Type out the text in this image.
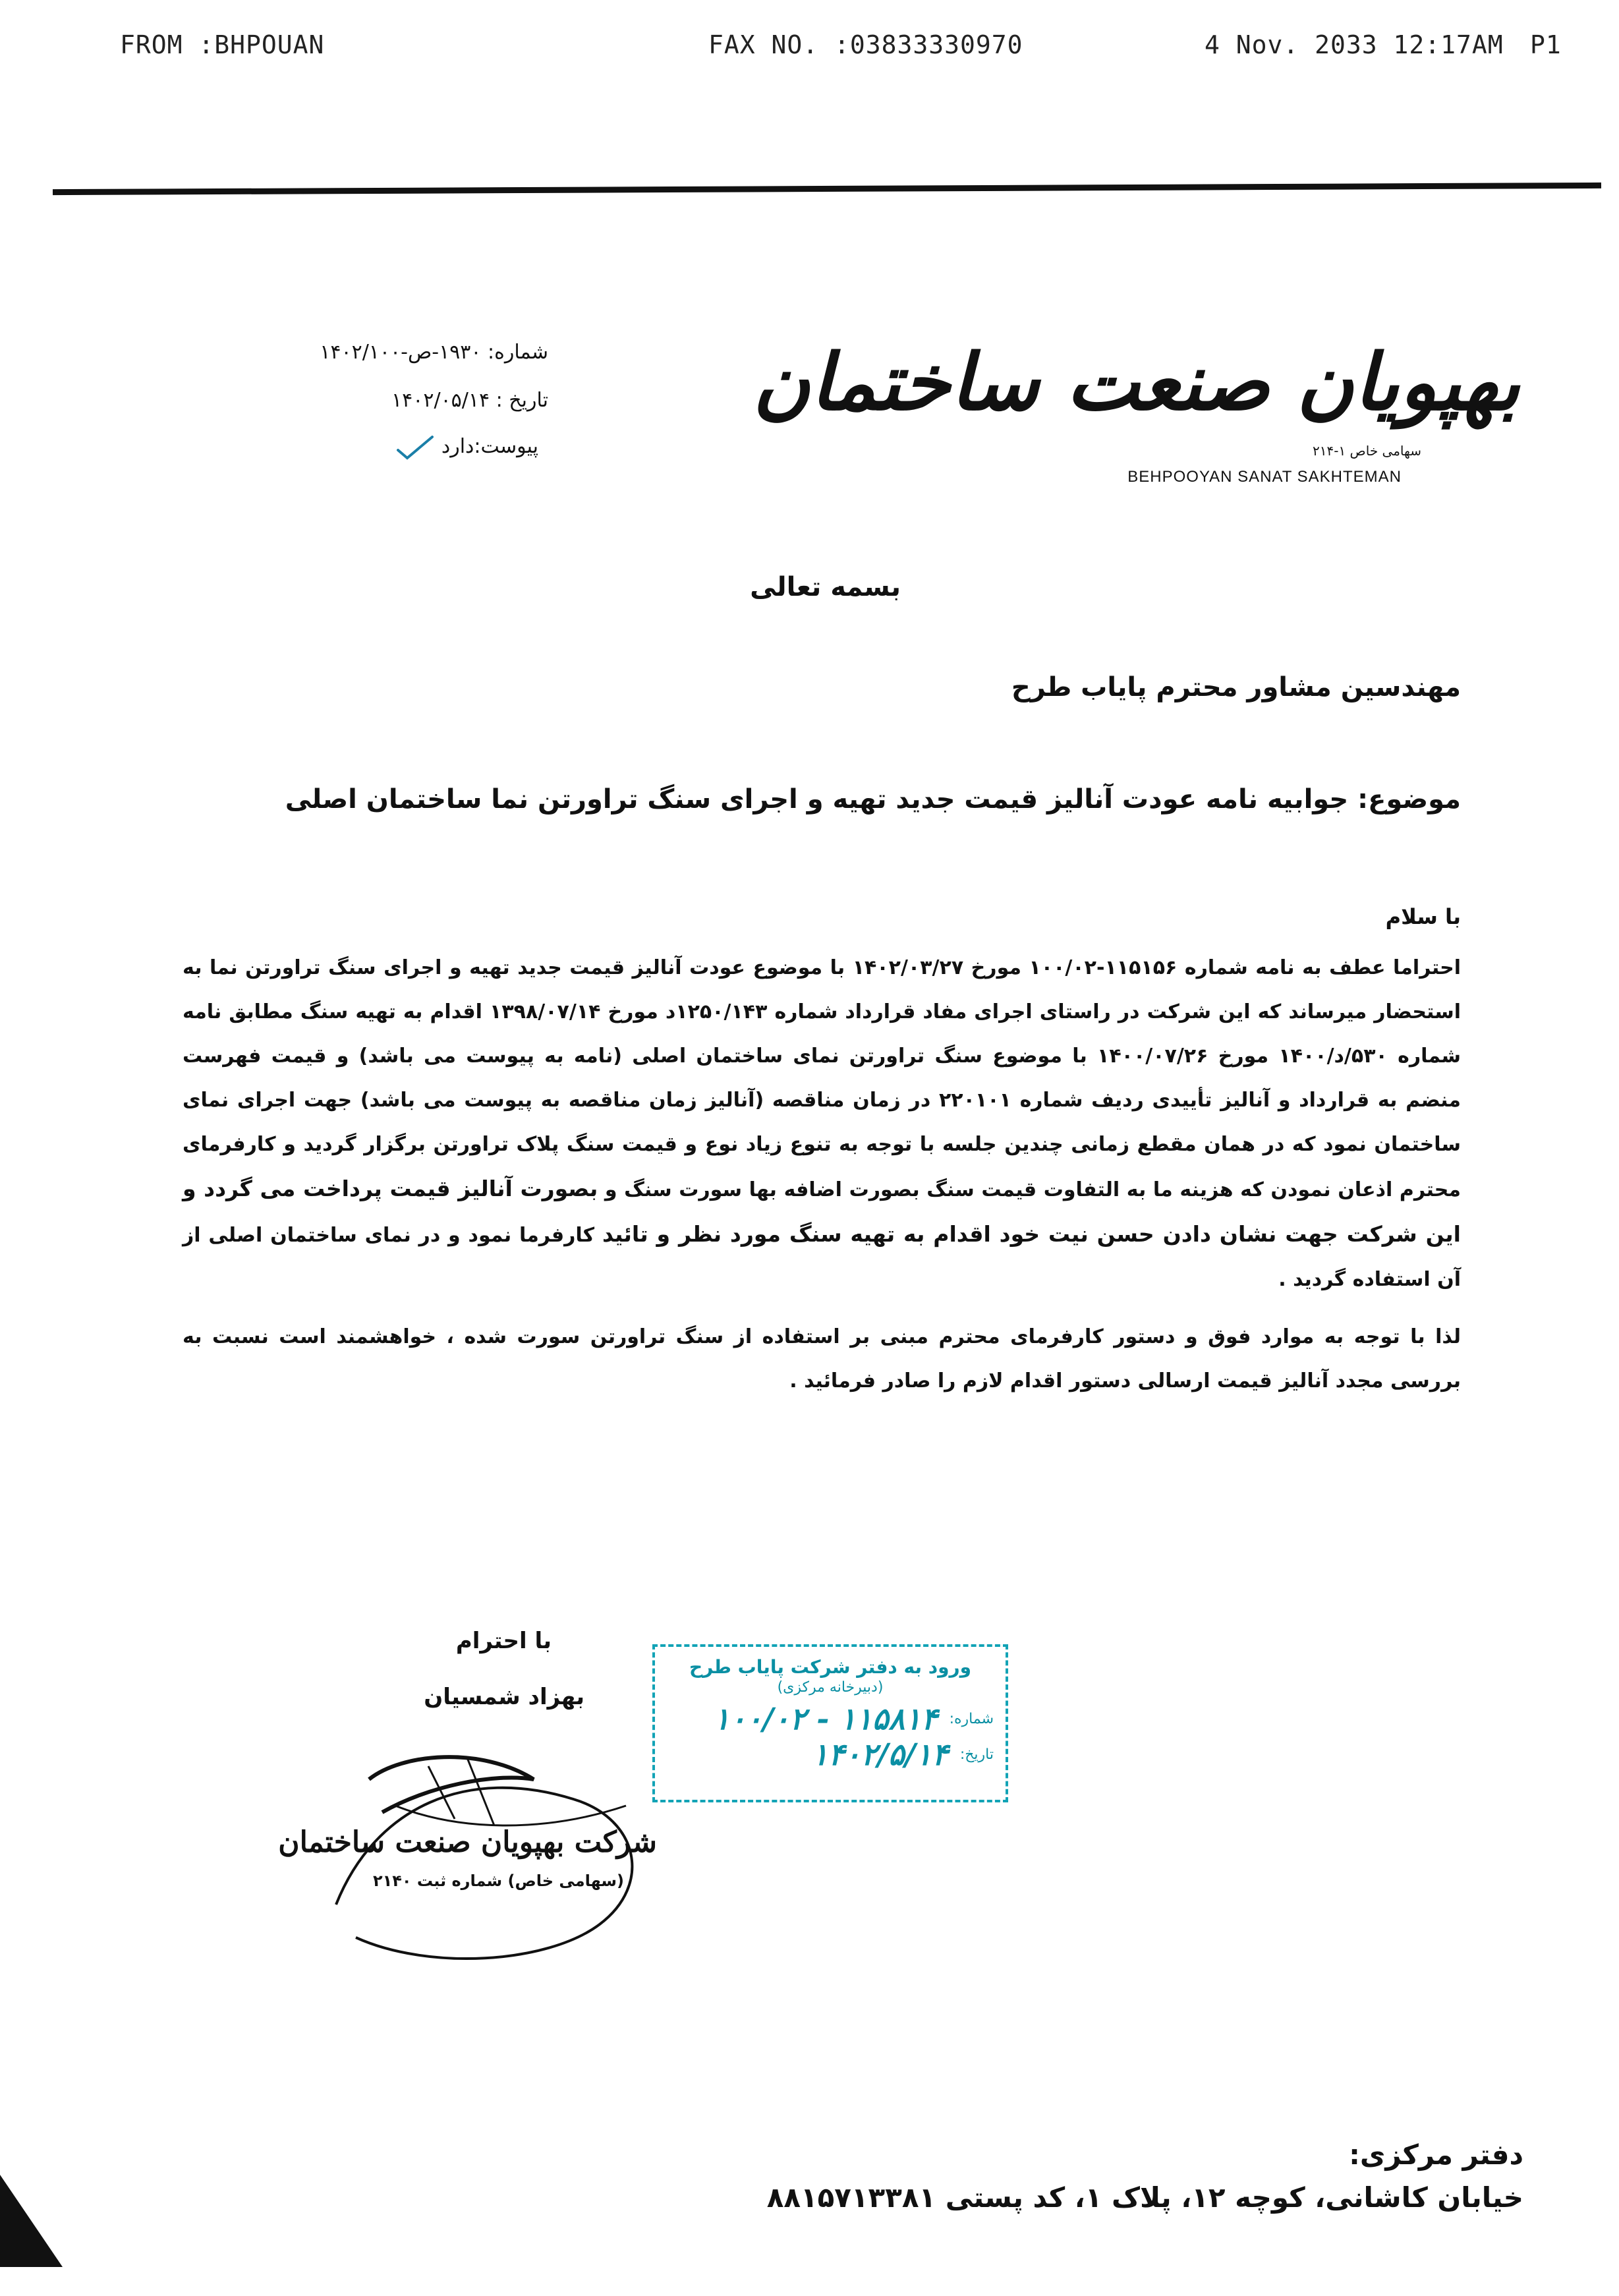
FROM :BHPOUAN	FAX NO. :03833330970	4 Nov. 2033 12:17AM P1
شماره: ۱۹۳۰-ص-۱۴۰۲/۱۰۰
تاریخ : ۱۴۰۲/۰۵/۱۴
پیوست:دارد
بهپویان صنعت ساختمان
سهامی خاص ۱-۲۱۴
BEHPOOYAN SANAT SAKHTEMAN
بسمه تعالی
مهندسین مشاور محترم پایاب طرح
موضوع: جوابیه نامه عودت آنالیز قیمت جدید تهیه و اجرای سنگ تراورتن نما ساختمان اصلی
با سلام

احتراما عطف به نامه شماره ۱۱۵۱۵۶-۱۰۰/۰۲ مورخ ۱۴۰۲/۰۳/۲۷ با موضوع عودت آنالیز قیمت جدید تهیه و اجرای سنگ تراورتن نما به استحضار میرساند که این شرکت در راستای اجرای مفاد قرارداد شماره ۱۲۵۰/۱۴۳د مورخ ۱۳۹۸/۰۷/۱۴ اقدام به تهیه سنگ مطابق نامه شماره ۵۳۰/د/۱۴۰۰ مورخ ۱۴۰۰/۰۷/۲۶ با موضوع سنگ تراورتن نمای ساختمان اصلی (نامه به پیوست می باشد) و قیمت فهرست منضم به قرارداد و آنالیز تأییدی ردیف شماره ۲۲۰۱۰۱ در زمان مناقصه (آنالیز زمان مناقصه به پیوست می باشد) جهت اجرای نمای ساختمان نمود که در همان مقطع زمانی چندین جلسه با توجه به تنوع زیاد نوع و قیمت سنگ پلاک تراورتن برگزار گردید و کارفرمای محترم اذعان نمودن که هزینه ما به التفاوت قیمت سنگ بصورت اضافه بها سورت سنگ و بصورت آنالیز قیمت پرداخت می گردد و این شرکت جهت نشان دادن حسن نیت خود اقدام به تهیه سنگ مورد نظر و تائید کارفرما نمود و در نمای ساختمان اصلی از آن استفاده گردید .

لذا با توجه به موارد فوق و دستور کارفرمای محترم مبنی بر استفاده از سنگ تراورتن سورت شده ، خواهشمند است نسبت به بررسی مجدد آنالیز قیمت ارسالی دستور اقدام لازم را صادر فرمائید .

با احترام
بهزاد شمسیان
شرکت بهپویان صنعت ساختمان
(سهامی خاص) شماره ثبت ۲۱۴۰
ورود به دفتر شرکت پایاب طرح
(دبیرخانه مرکزی)
شماره:
۱۰۰/۰۲ - ۱۱۵۸۱۴
تاریخ:
۱۴۰۲/۵/۱۴
دفتر مرکزی:
خیابان کاشانی، کوچه ۱۲، پلاک ۱، کد پستی ۸۸۱۵۷۱۳۳۸۱
